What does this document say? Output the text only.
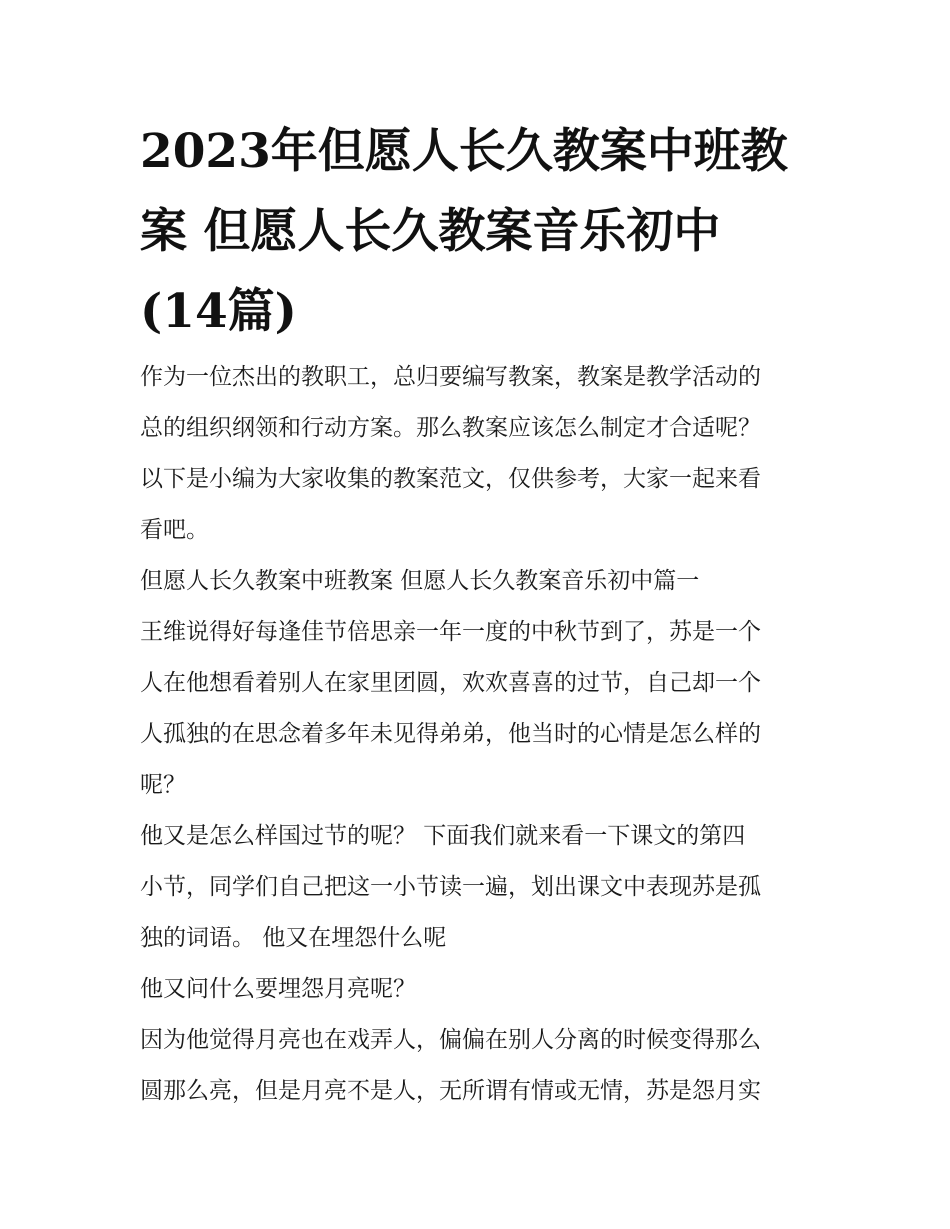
2023年但愿人长久教案中班教
案 但愿人长久教案音乐初中
(14篇)
作为一位杰出的教职工，总归要编写教案，教案是教学活动的
总的组织纲领和行动方案。那么教案应该怎么制定才合适呢？
以下是小编为大家收集的教案范文，仅供参考，大家一起来看
看吧。
但愿人长久教案中班教案 但愿人长久教案音乐初中篇一
王维说得好每逢佳节倍思亲一年一度的中秋节到了，苏是一个
人在他想看着别人在家里团圆，欢欢喜喜的过节，自己却一个
人孤独的在思念着多年未见得弟弟，他当时的心情是怎么样的
呢？
他又是怎么样国过节的呢？ 下面我们就来看一下课文的第四
小节，同学们自己把这一小节读一遍，划出课文中表现苏是孤
独的词语。 他又在埋怨什么呢
他又问什么要埋怨月亮呢？
因为他觉得月亮也在戏弄人，偏偏在别人分离的时候变得那么
圆那么亮，但是月亮不是人，无所谓有情或无情，苏是怨月实
